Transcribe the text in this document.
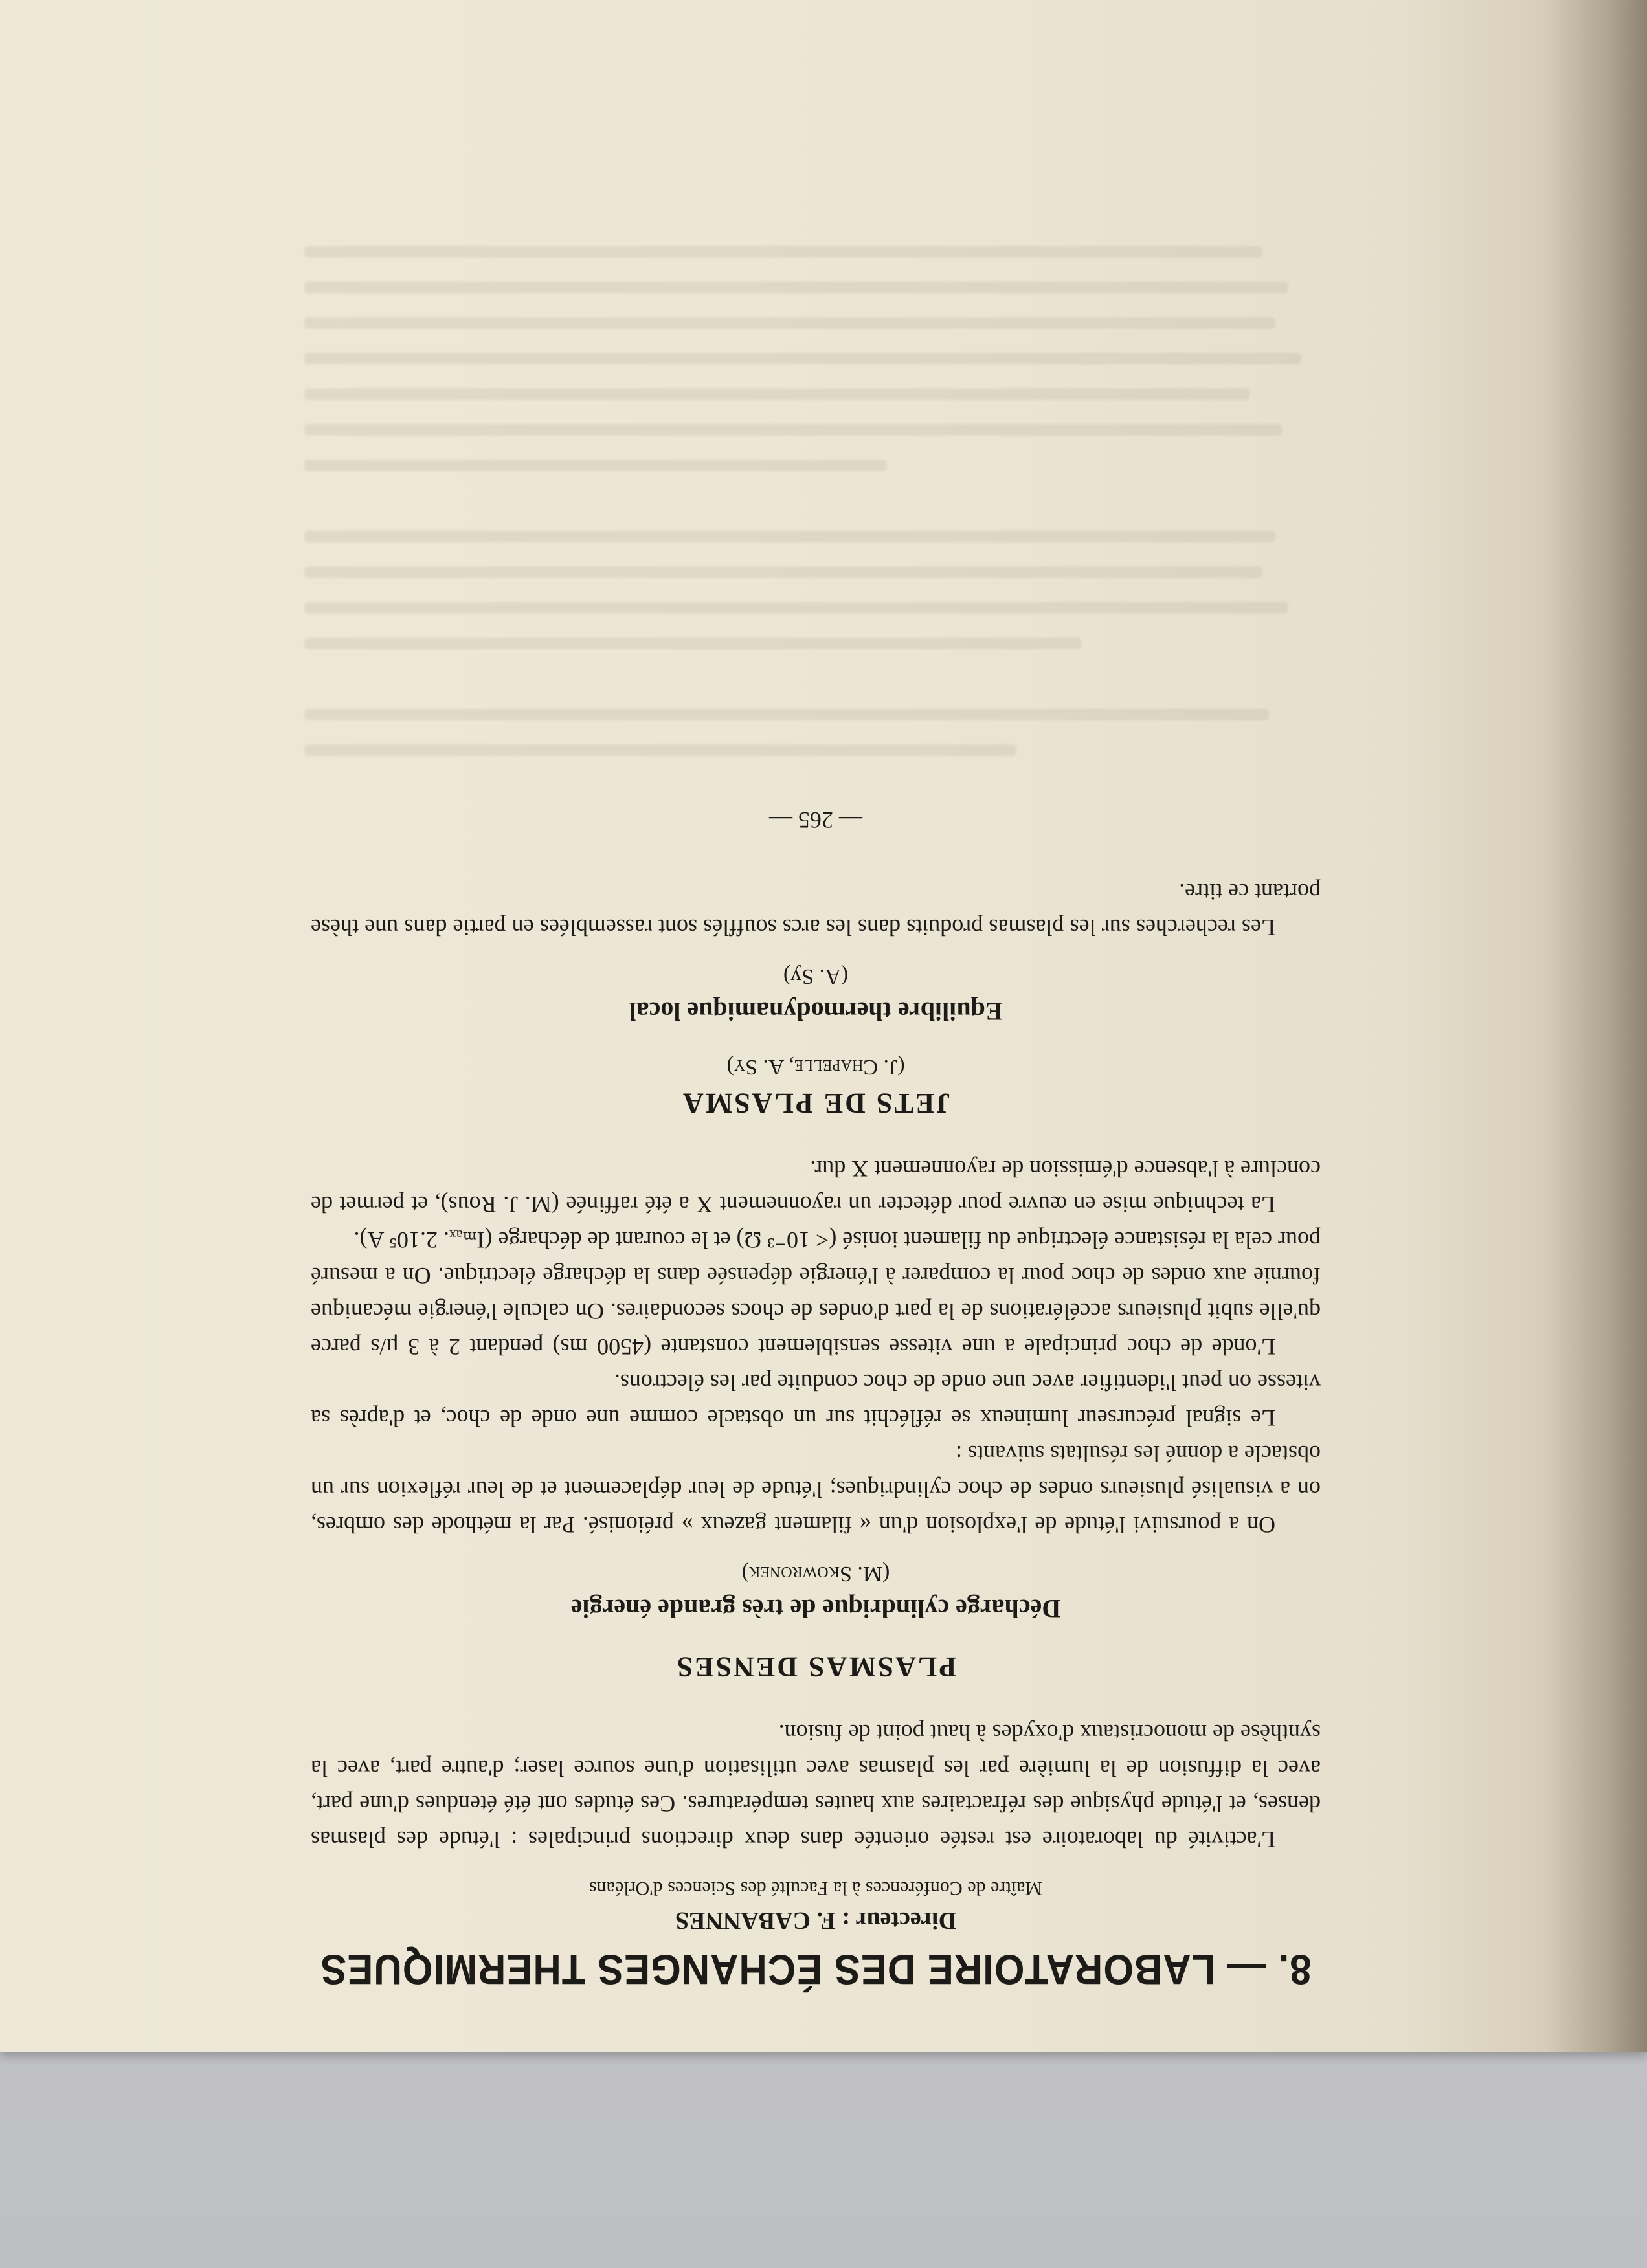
8. — LABORATOIRE DES ÉCHANGES THERMIQUES
Directeur : F. CABANNES
Maître de Conférences à la Faculté des Sciences d'Orléans

L'activité du laboratoire est restée orientée dans deux directions principales : l'étude des plasmas denses, et l'étude physique des réfractaires aux hautes températures. Ces études ont été étendues d'une part, avec la diffusion de la lumière par les plasmas avec utilisation d'une source laser; d'autre part, avec la synthèse de monocristaux d'oxydes à haut point de fusion.

PLASMAS DENSES
Décharge cylindrique de très grande énergie
(M. Skowronek)

On a poursuivi l'étude de l'explosion d'un « filament gazeux » préionisé. Par la méthode des ombres, on a visualisé plusieurs ondes de choc cylindriques; l'étude de leur déplacement et de leur réflexion sur un obstacle a donné les résultats suivants :

Le signal précurseur lumineux se réfléchit sur un obstacle comme une onde de choc, et d'après sa vitesse on peut l'identifier avec une onde de choc conduite par les électrons.

L'onde de choc principale a une vitesse sensiblement constante (4500 ms) pendant 2 à 3 μ/s parce qu'elle subit plusieurs accélérations de la part d'ondes de chocs secondaires. On calcule l'énergie mécanique fournie aux ondes de choc pour la comparer à l'énergie dépensée dans la décharge électrique. On a mesuré pour cela la résistance électrique du filament ionisé (< 10⁻³ Ω) et le courant de décharge (Iₘₐₓ. 2.10⁵ A).

La technique mise en œuvre pour détecter un rayonnement X a été raffinée (M. J. Rous), et permet de conclure à l'absence d'émission de rayonnement X dur.

JETS DE PLASMA
(J. Chapelle, A. Sy)
Equilibre thermodynamique local
(A. Sy)

Les recherches sur les plasmas produits dans les arcs soufflés sont rassemblées en partie dans une thèse portant ce titre.

— 265 —
